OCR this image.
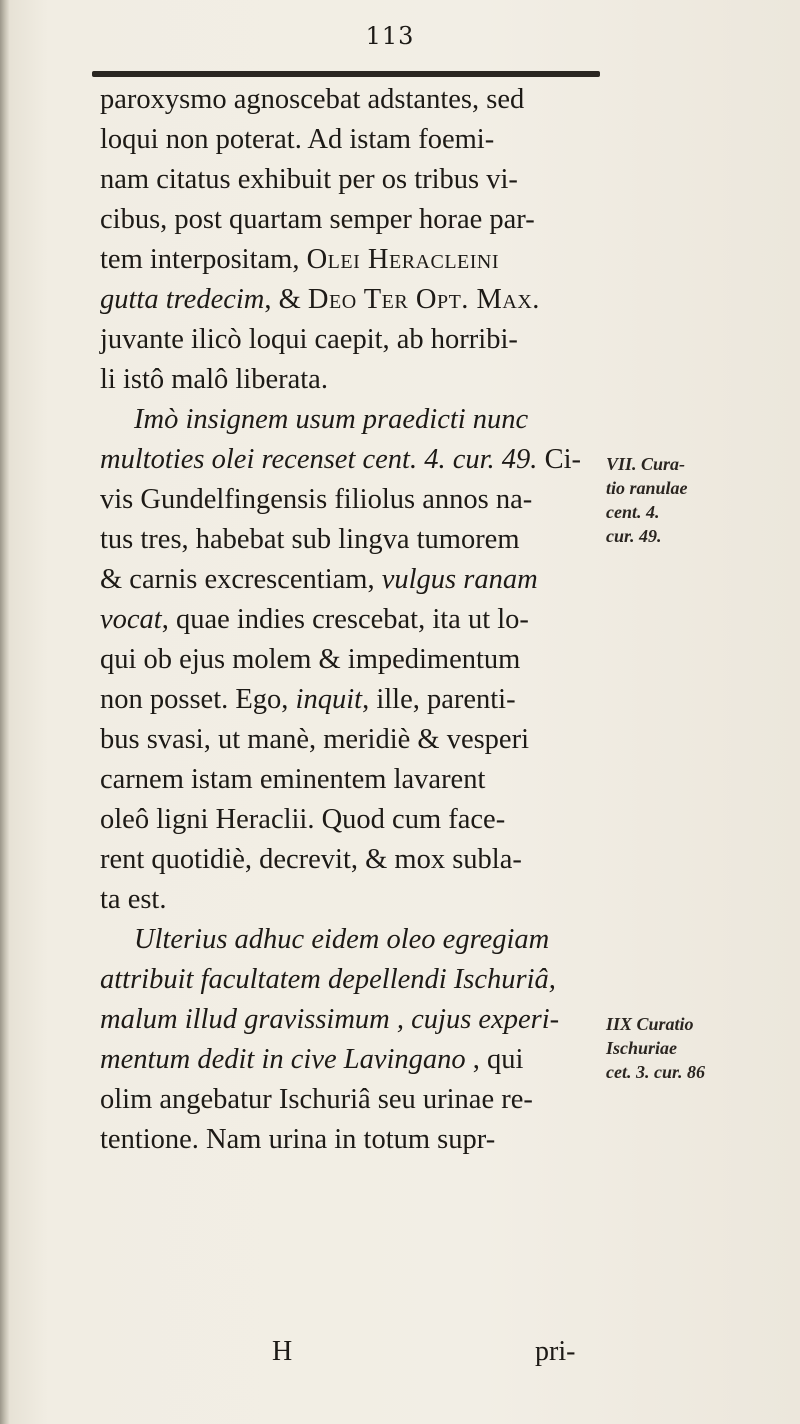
113
paroxysmo agnoscebat adstantes, sed
loqui non poterat. Ad istam foemi-
nam citatus exhibuit per os tribus vi-
cibus, post quartam semper horae par-
tem interpositam, Olei Heracleini
gutta tredecim, & Deo Ter Opt. Max.
juvante ilicò loqui caepit, ab horribi-
li istô malô liberata.
Imò insignem usum praedicti nunc
multoties olei recenset cent. 4. cur. 49. Ci-
vis Gundelfingensis filiolus annos na-
tus tres, habebat sub lingva tumorem
& carnis excrescentiam, vulgus ranam
vocat, quae indies crescebat, ita ut lo-
qui ob ejus molem & impedimentum
non posset. Ego, inquit, ille, parenti-
bus svasi, ut manè, meridiè & vesperi
carnem istam eminentem lavarent
oleô ligni Heraclii. Quod cum face-
rent quotidiè, decrevit, & mox subla-
ta est.
Ulterius adhuc eidem oleo egregiam
attribuit facultatem depellendi Ischuriâ,
malum illud gravissimum , cujus experi-
mentum dedit in cive Lavingano , qui
olim angebatur Ischuriâ seu urinae re-
tentione. Nam urina in totum supr-
VII. Cura-
tio ranulae
cent. 4.
cur. 49.
IIX Curatio
Ischuriae
cet. 3. cur. 86
H	pri-
